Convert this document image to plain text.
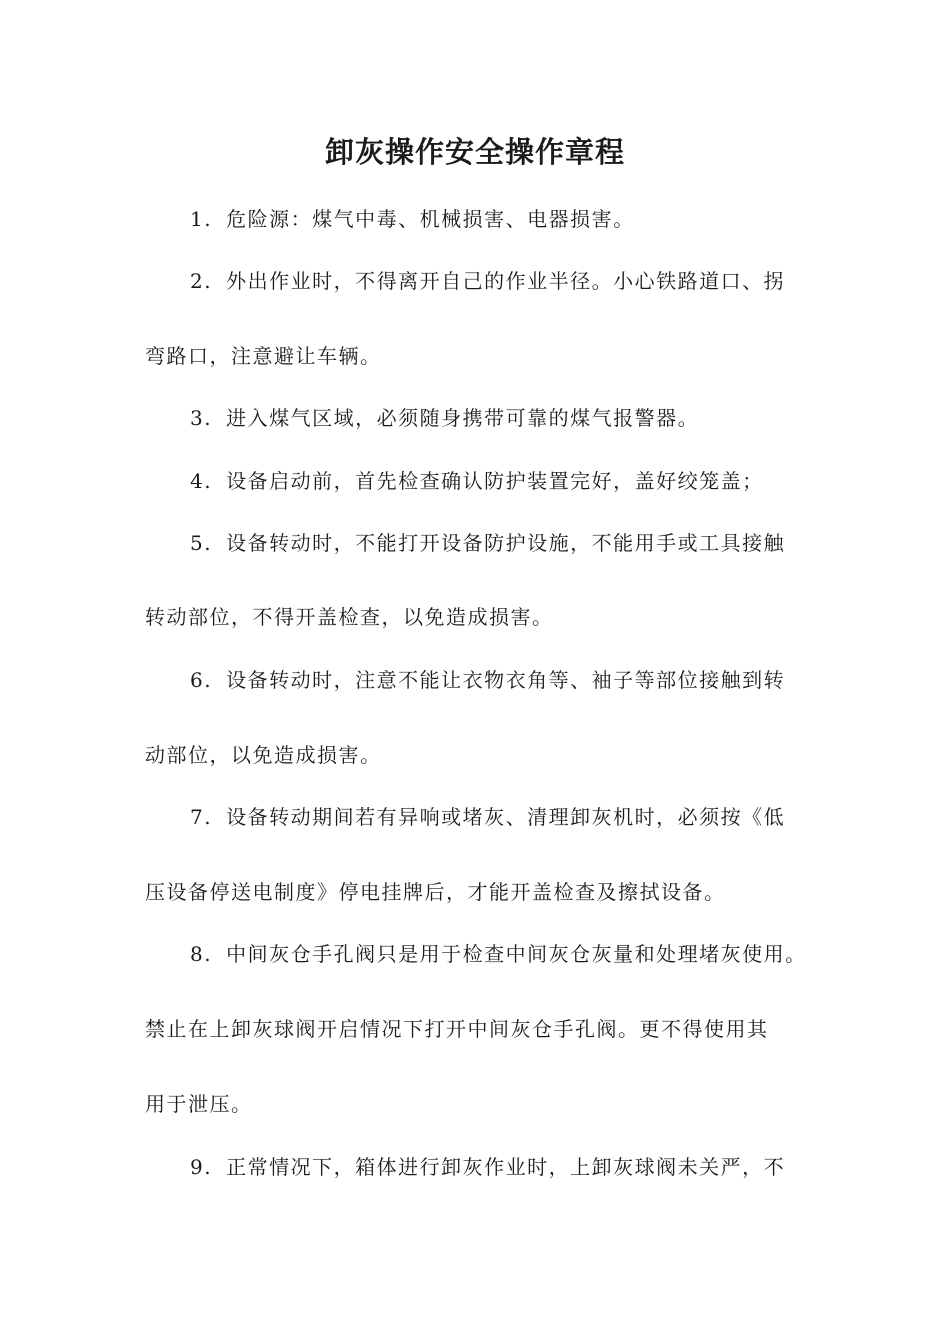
卸灰操作安全操作章程
1. 危险源：煤气中毒、机械损害、电器损害。
2. 外出作业时，不得离开自己的作业半径。小心铁路道口、拐
弯路口，注意避让车辆。
3. 进入煤气区域，必须随身携带可靠的煤气报警器。
4. 设备启动前，首先检查确认防护装置完好，盖好绞笼盖；
5. 设备转动时，不能打开设备防护设施，不能用手或工具接触
转动部位，不得开盖检查，以免造成损害。
6. 设备转动时，注意不能让衣物衣角等、袖子等部位接触到转
动部位，以免造成损害。
7. 设备转动期间若有异响或堵灰、清理卸灰机时，必须按《低
压设备停送电制度》停电挂牌后，才能开盖检查及擦拭设备。
8. 中间灰仓手孔阀只是用于检查中间灰仓灰量和处理堵灰使用。
禁止在上卸灰球阀开启情况下打开中间灰仓手孔阀。更不得使用其
用于泄压。
9. 正常情况下，箱体进行卸灰作业时，上卸灰球阀未关严，不
